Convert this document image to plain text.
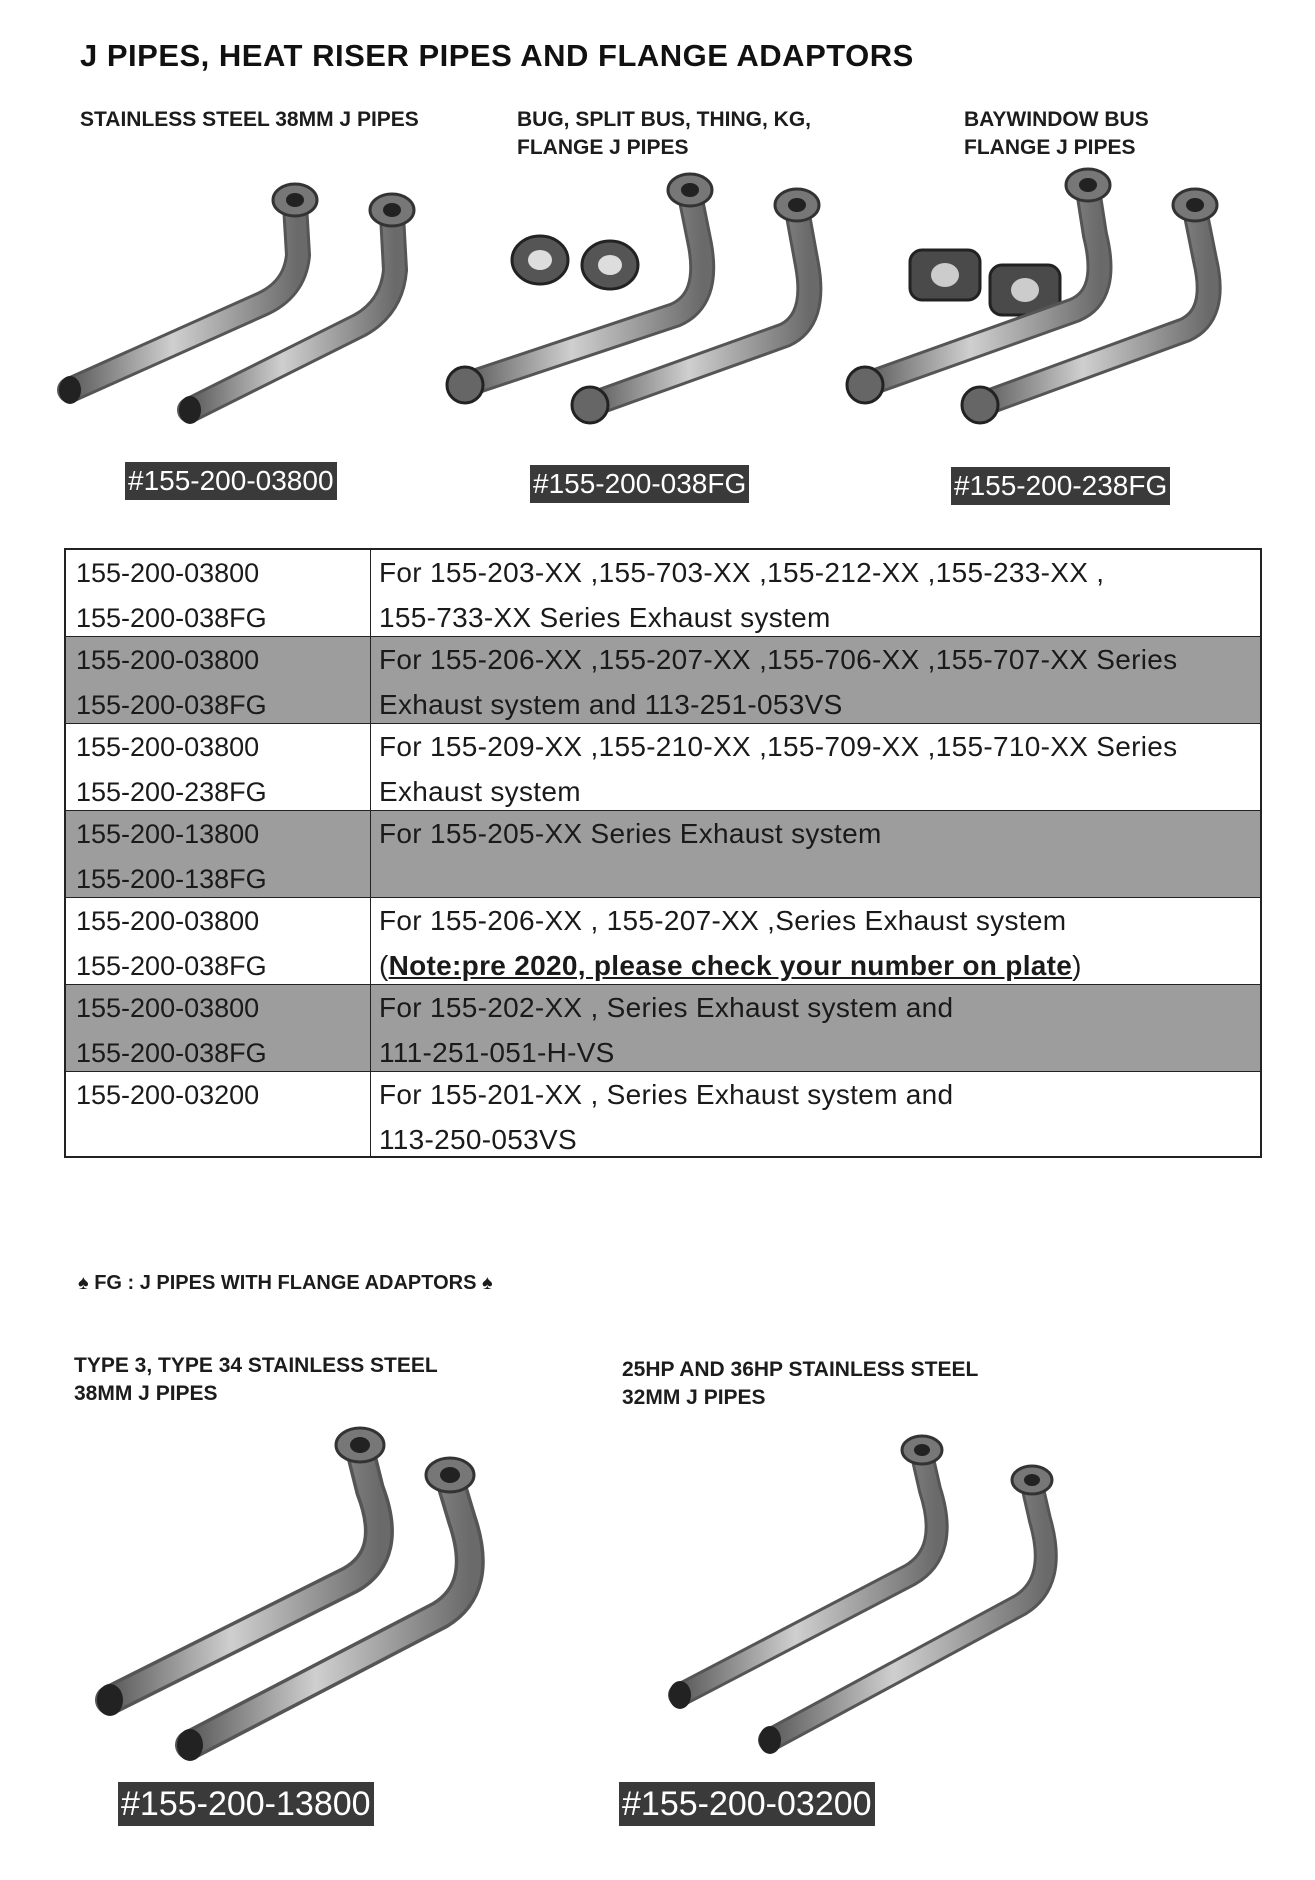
J PIPES, HEAT RISER PIPES AND FLANGE ADAPTORS
STAINLESS STEEL 38MM J PIPES
#155-200-03800
BUG, SPLIT BUS, THING, KG,
FLANGE J PIPES
#155-200-038FG
BAYWINDOW BUS
FLANGE J PIPES
#155-200-238FG
155-200-03800
155-200-038FG
For 155-203-XX ,155-703-XX ,155-212-XX ,155-233-XX ,
155-733-XX Series Exhaust system
155-200-03800
155-200-038FG
For 155-206-XX ,155-207-XX ,155-706-XX ,155-707-XX Series
Exhaust system and 113-251-053VS
155-200-03800
155-200-238FG
For 155-209-XX ,155-210-XX ,155-709-XX ,155-710-XX Series
Exhaust system
155-200-13800
155-200-138FG
For 155-205-XX Series Exhaust system
155-200-03800
155-200-038FG
For 155-206-XX , 155-207-XX ,Series Exhaust system
(Note:pre 2020, please check your number on plate)
155-200-03800
155-200-038FG
For 155-202-XX , Series Exhaust system and
111-251-051-H-VS
155-200-03200	For 155-201-XX , Series Exhaust system and
113-250-053VS
♠ FG : J PIPES WITH FLANGE ADAPTORS ♠
TYPE 3, TYPE 34 STAINLESS STEEL
38MM J PIPES
#155-200-13800
25HP AND 36HP STAINLESS STEEL
32MM J PIPES
#155-200-03200
